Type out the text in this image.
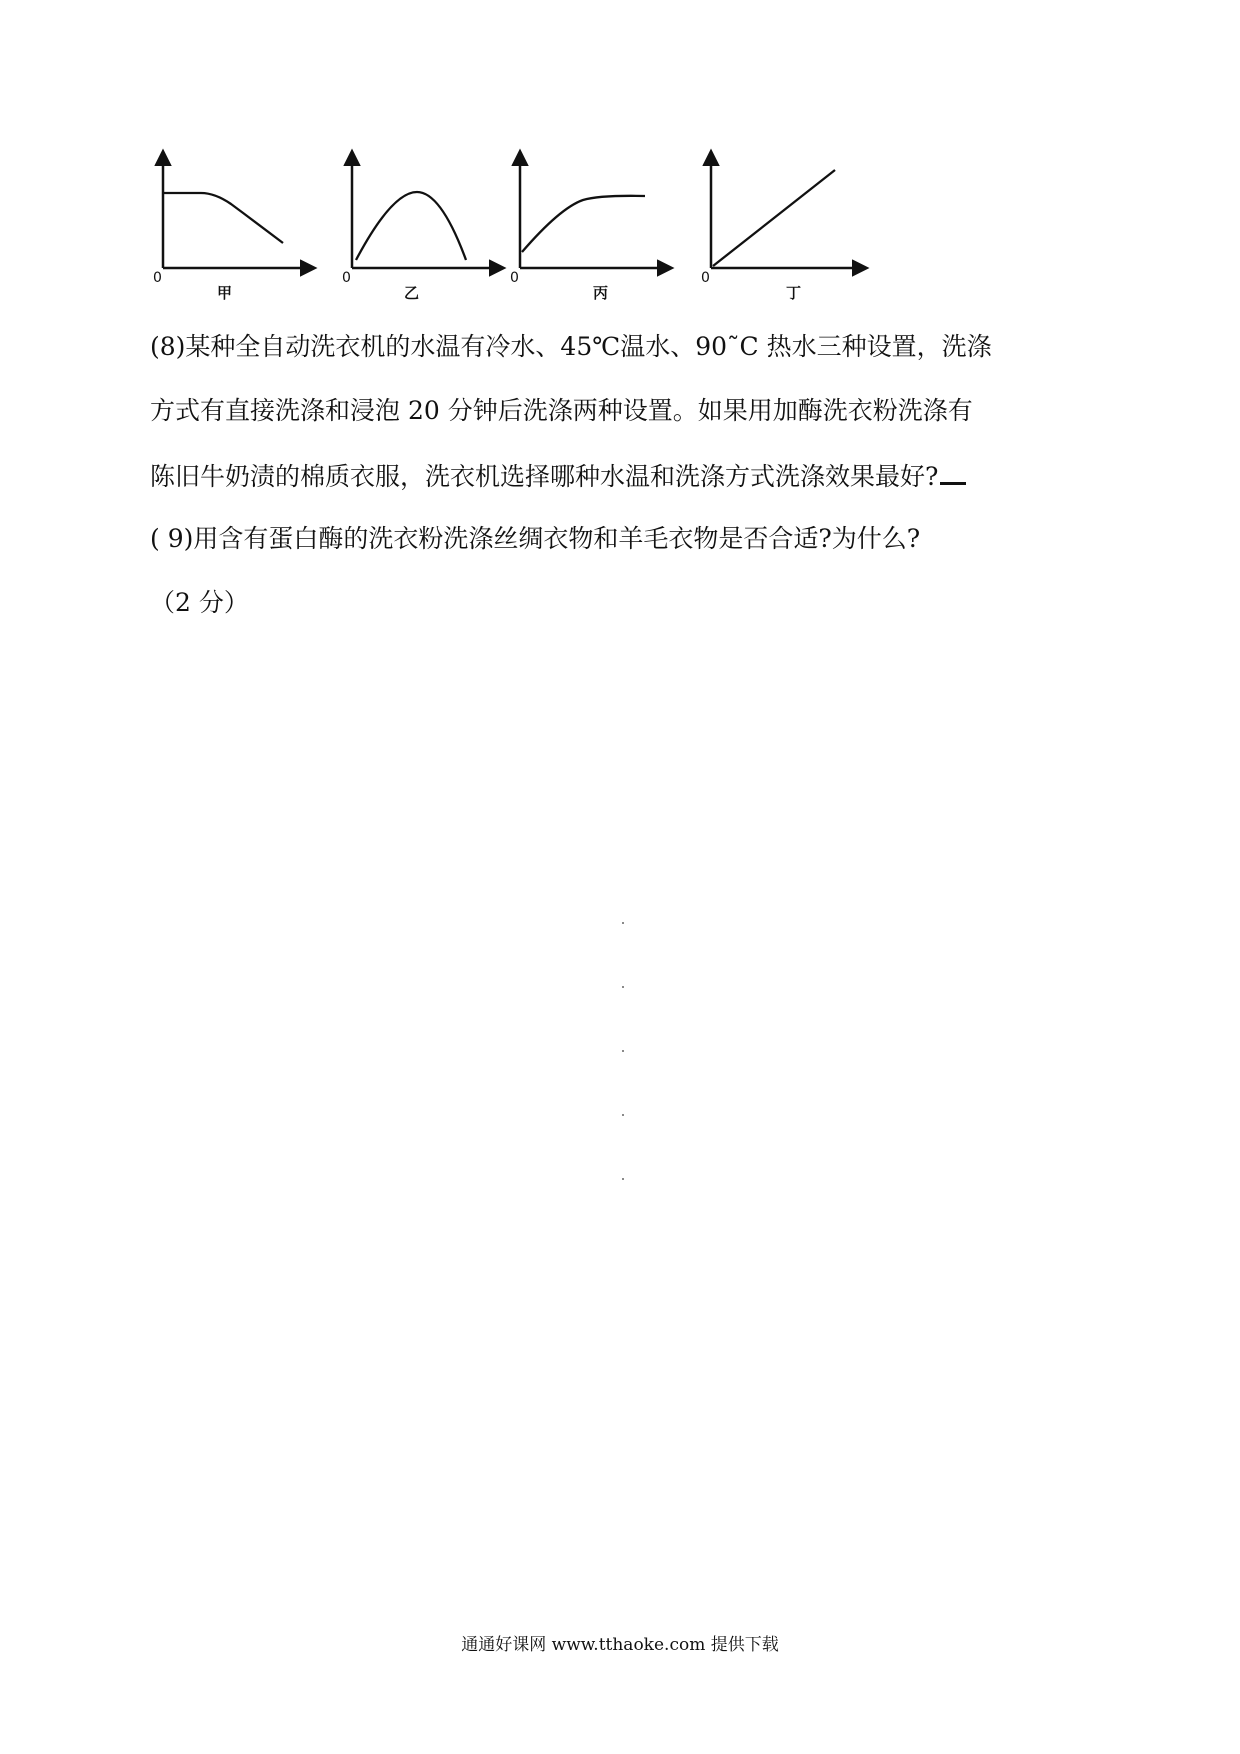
0
甲
0
乙
0
丙
0
丁
(8)某种全自动洗衣机的水温有冷水、45℃温水、90˜C 热水三种设置，洗涤
方式有直接洗涤和浸泡 20 分钟后洗涤两种设置。如果用加酶洗衣粉洗涤有
陈旧牛奶渍的棉质衣服，洗衣机选择哪种水温和洗涤方式洗涤效果最好?
( 9)用含有蛋白酶的洗衣粉洗涤丝绸衣物和羊毛衣物是否合适?为什么?
（2 分）
通通好课网 www.tthaoke.com 提供下载
